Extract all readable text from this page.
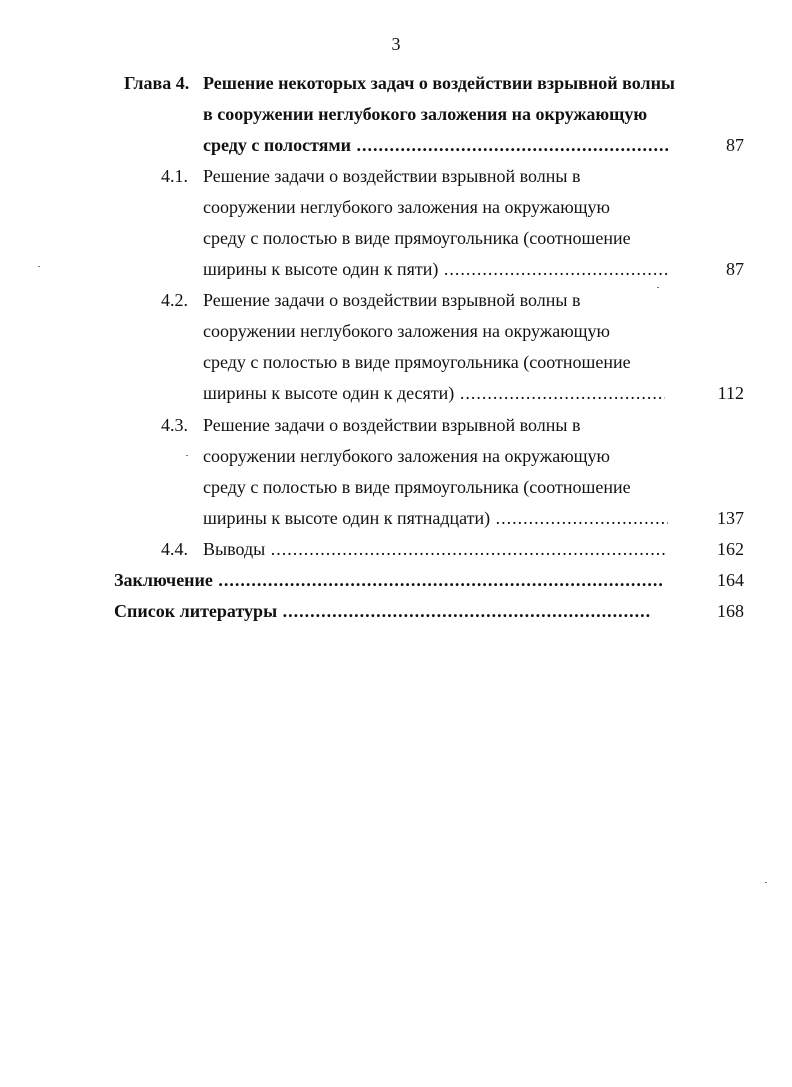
3
Глава 4. Решение некоторых задач о воздействии взрывной волны
в сооружении неглубокого заложения на окружающую
среду с полостями .....	87
4.1. Решение задачи о воздействии взрывной волны в
сооружении неглубокого заложения на окружающую
среду с полостью в виде прямоугольника (соотношение
ширины к высоте один к пяти) .....	87
4.2. Решение задачи о воздействии взрывной волны в
сооружении неглубокого заложения на окружающую
среду с полостью в виде прямоугольника (соотношение
ширины к высоте один к десяти) .....	112
4.3. Решение задачи о воздействии взрывной волны в
сооружении неглубокого заложения на окружающую
среду с полостью в виде прямоугольника (соотношение
ширины к высоте один к пятнадцати) .....	137
4.4. Выводы .....	162
Заключение .....	164
Список литературы .....	168
